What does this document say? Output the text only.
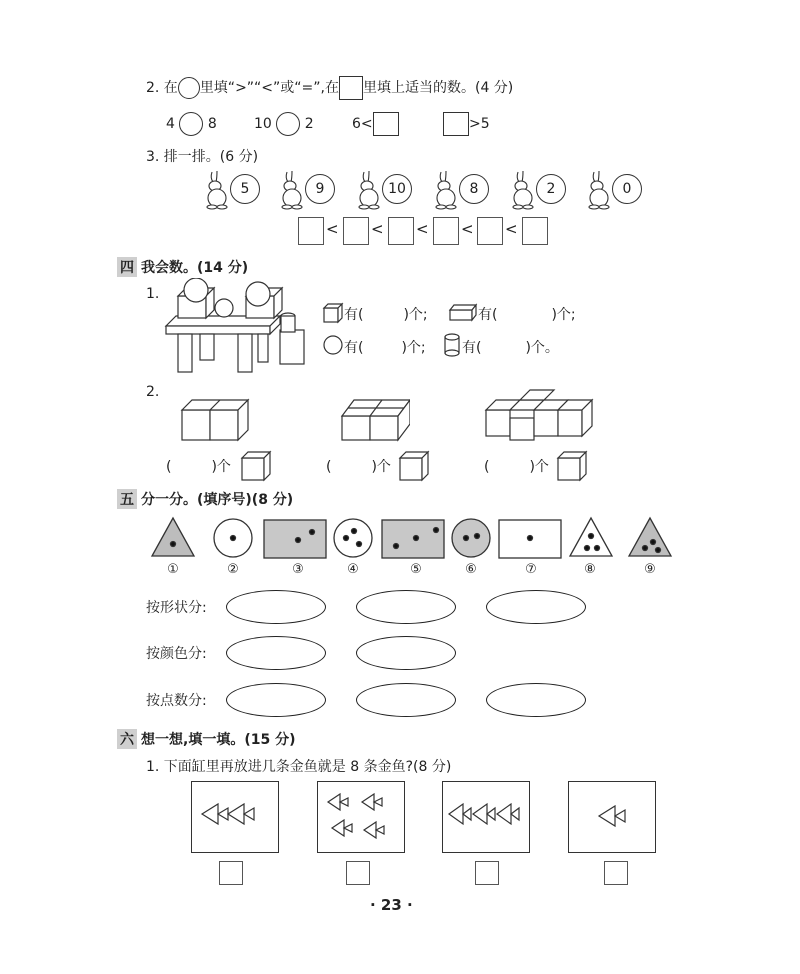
2. 在 里填“>”“<”或“=”,在 里填上适当的数。(4 分)
4 8	10 2	6<	>5
3. 排一排。(6 分)
5	9	10	8	2	0
< < < < <
四 我会数。(14 分)
1.
有(	)个;	有(	)个;
有(	)个;	有(	)个。
2.
(	)个	(	)个	(	)个
五 分一分。(填序号)(8 分)
①	②	③	④	⑤	⑥	⑦	⑧	⑨
按形状分:
按颜色分:
按点数分:
六 想一想,填一填。(15 分)
1. 下面缸里再放进几条金鱼就是 8 条金鱼?(8 分)
· 23 ·
